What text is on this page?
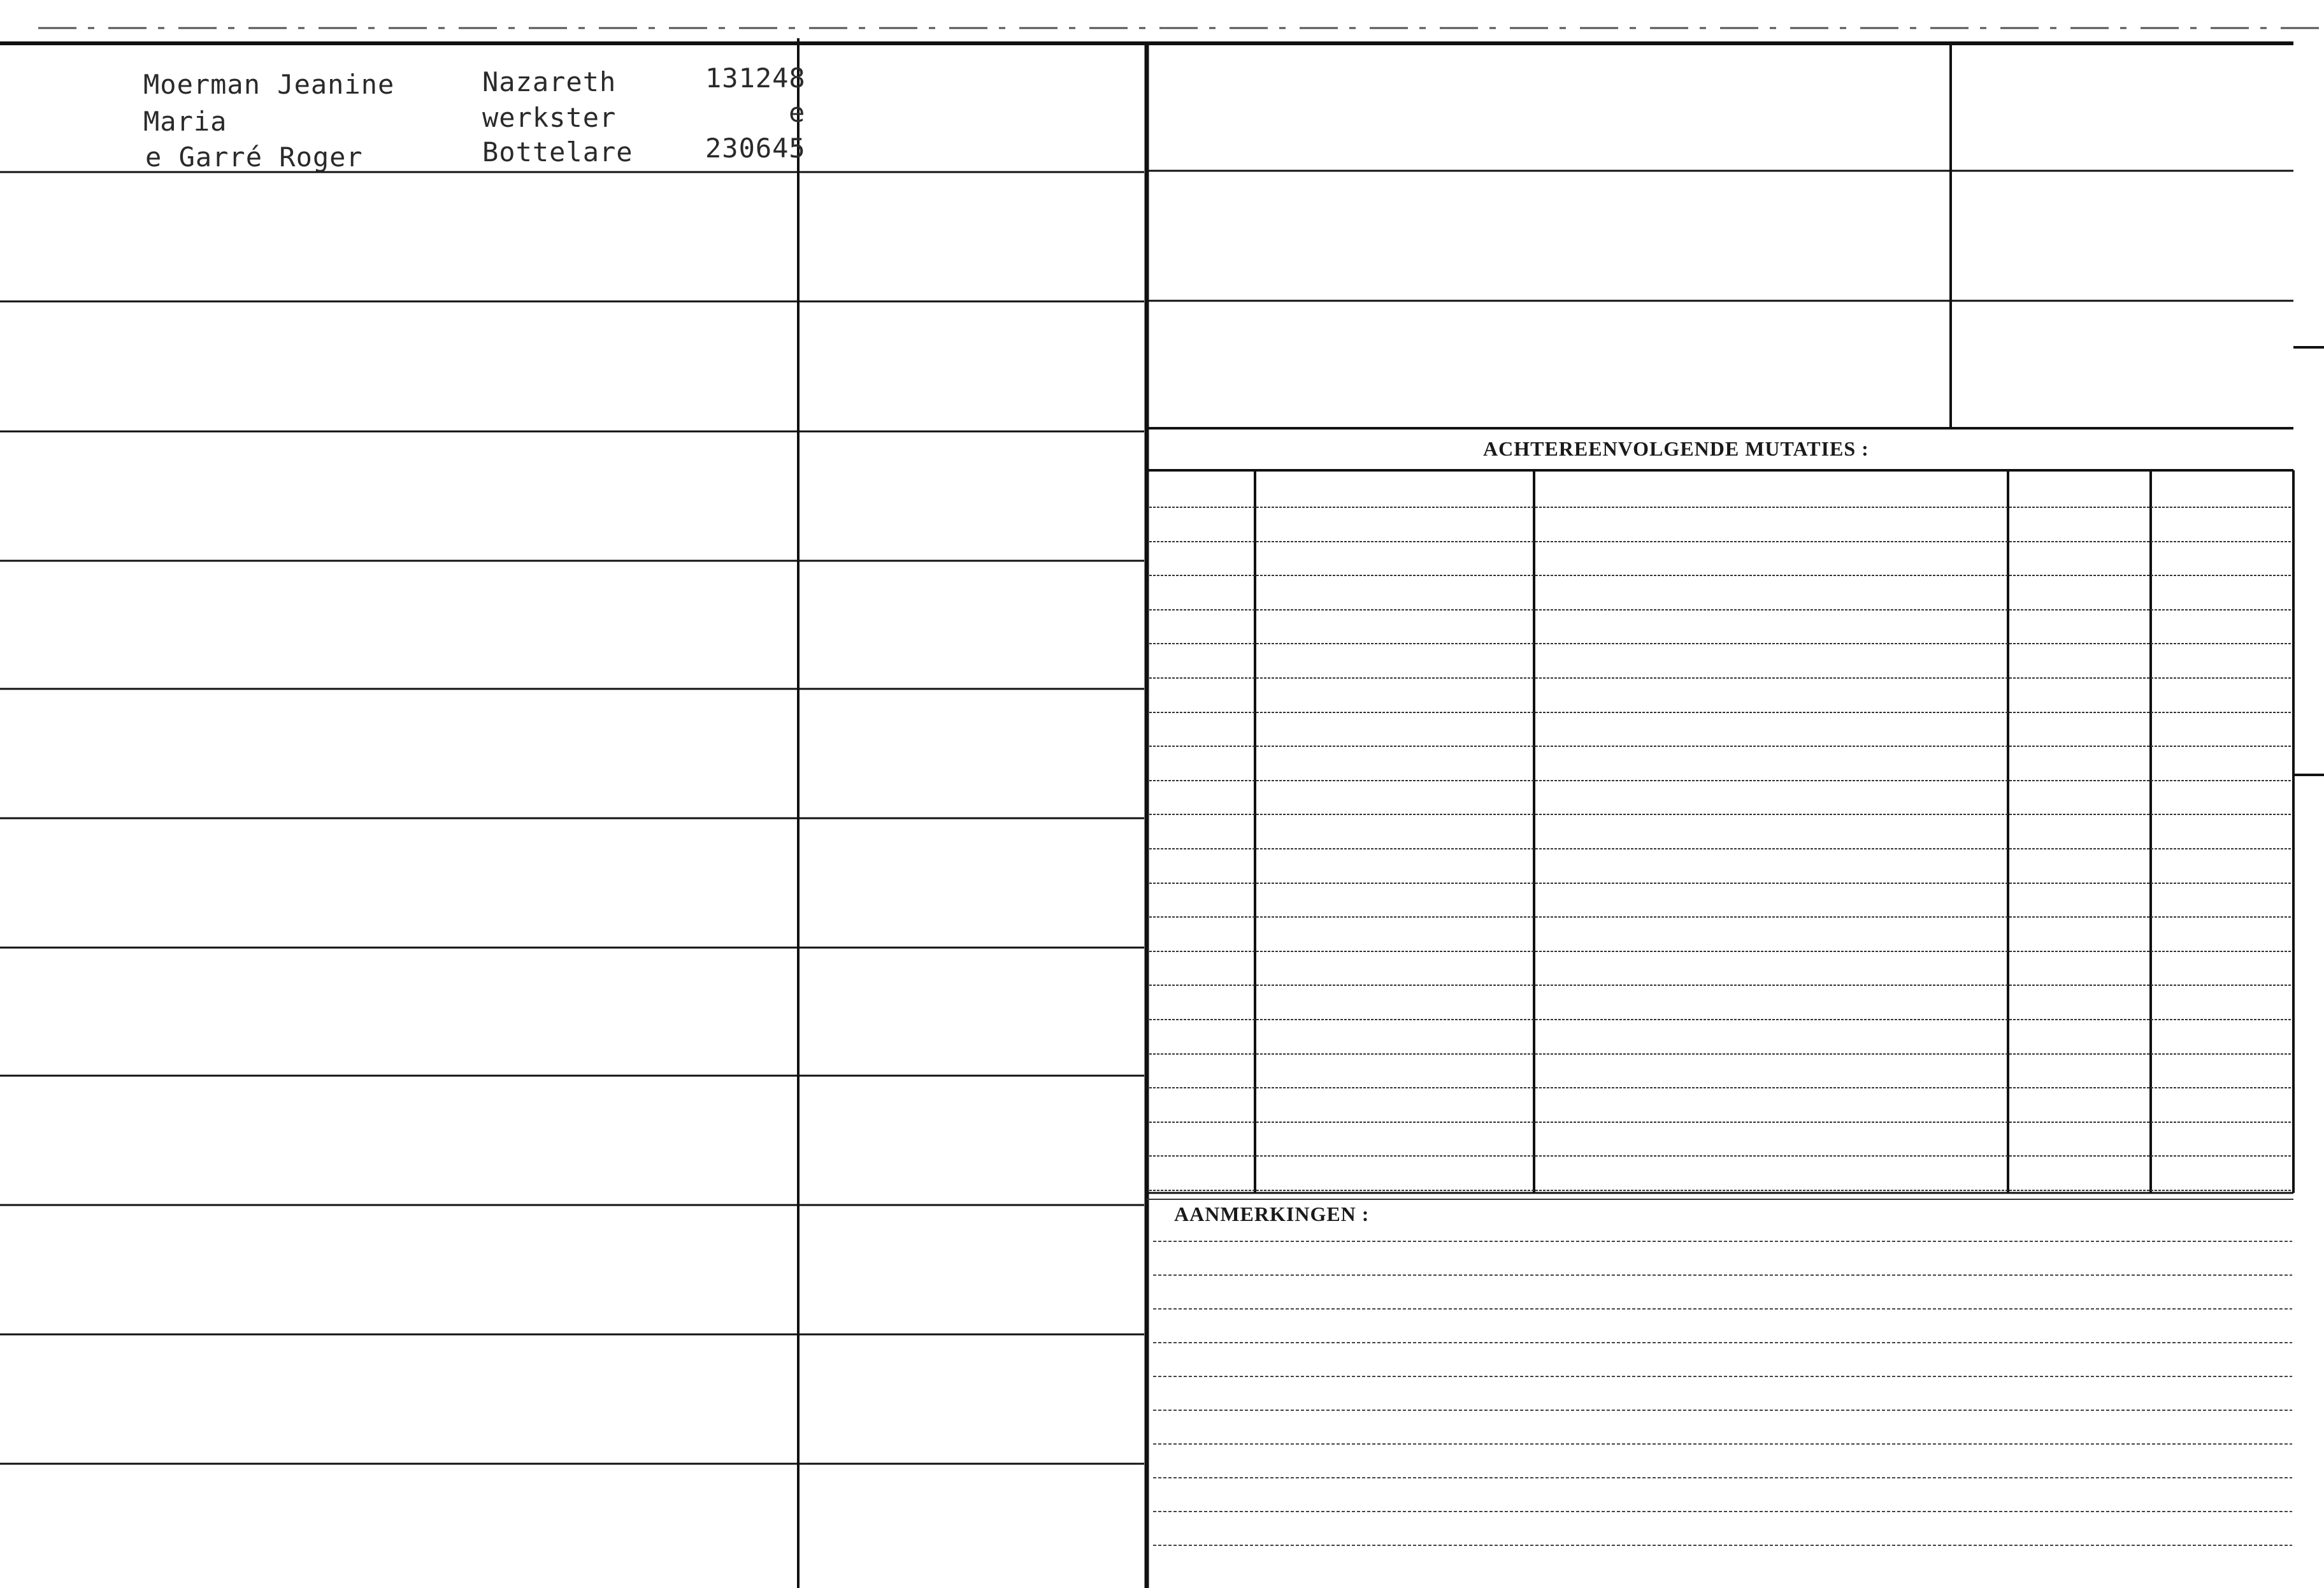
Moerman Jeanine
Maria
e Garré Roger
Nazareth
werkster
Bottelare
131248
e
230645
ACHTEREENVOLGENDE MUTATIES :
AANMERKINGEN :
